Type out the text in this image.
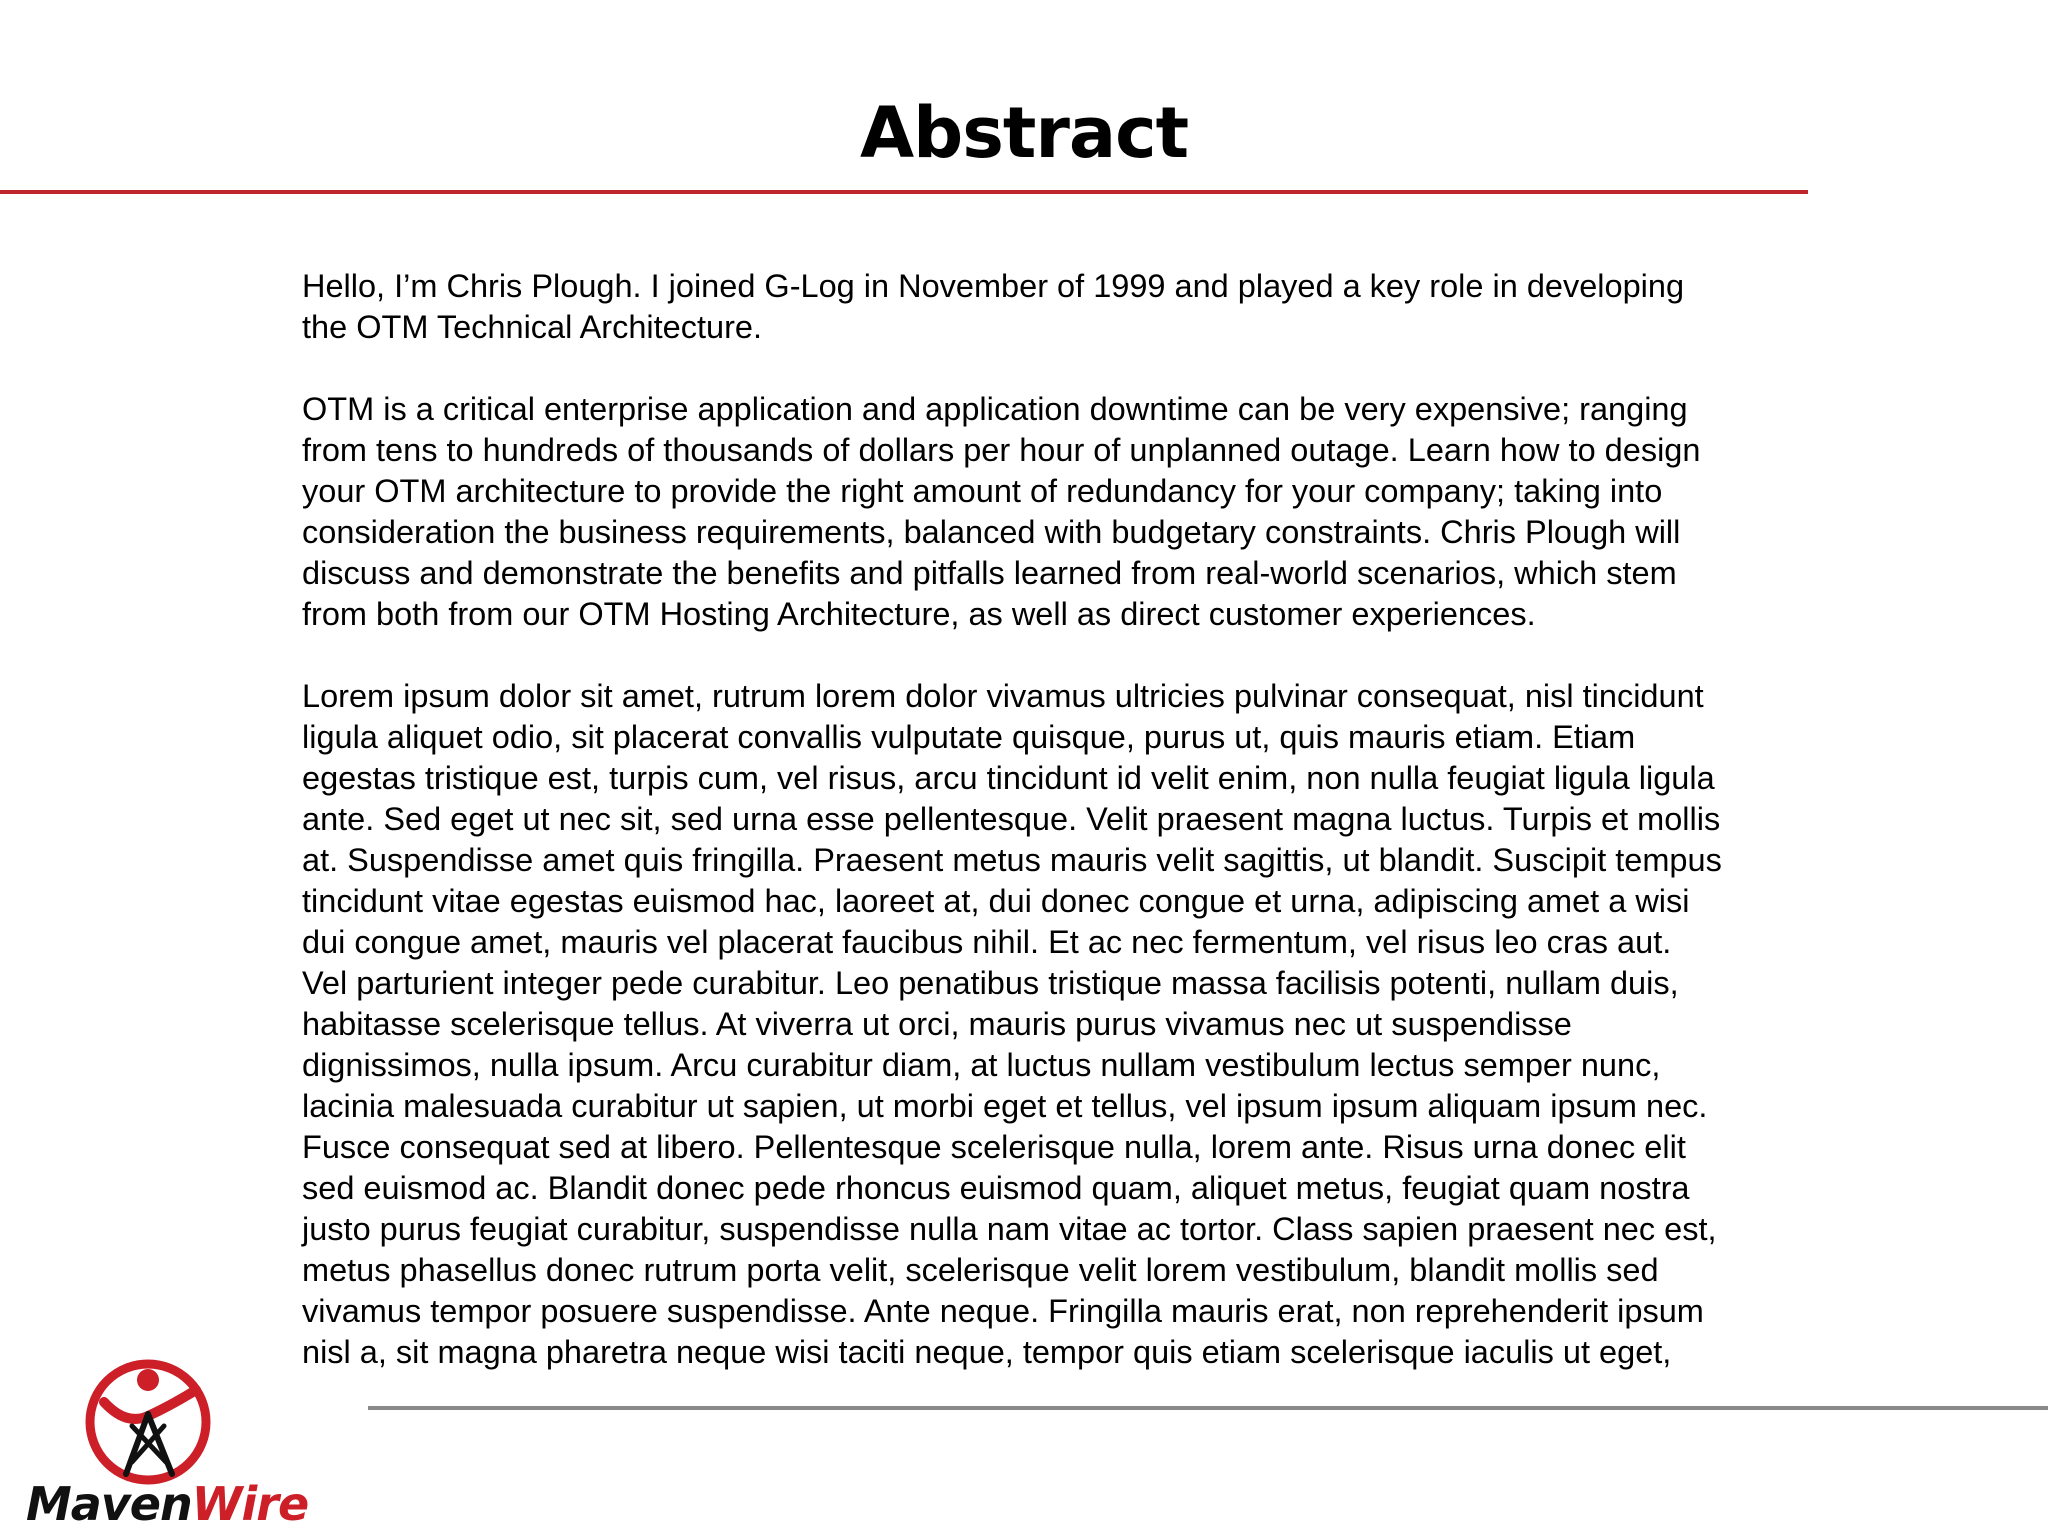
Abstract

Hello, I’m Chris Plough. I joined G-Log in November of 1999 and played a key role in developing
the OTM Technical Architecture.

OTM is a critical enterprise application and application downtime can be very expensive; ranging
from tens to hundreds of thousands of dollars per hour of unplanned outage. Learn how to design
your OTM architecture to provide the right amount of redundancy for your company; taking into
consideration the business requirements, balanced with budgetary constraints. Chris Plough will
discuss and demonstrate the benefits and pitfalls learned from real-world scenarios, which stem
from both from our OTM Hosting Architecture, as well as direct customer experiences.

Lorem ipsum dolor sit amet, rutrum lorem dolor vivamus ultricies pulvinar consequat, nisl tincidunt
ligula aliquet odio, sit placerat convallis vulputate quisque, purus ut, quis mauris etiam. Etiam
egestas tristique est, turpis cum, vel risus, arcu tincidunt id velit enim, non nulla feugiat ligula ligula
ante. Sed eget ut nec sit, sed urna esse pellentesque. Velit praesent magna luctus. Turpis et mollis
at. Suspendisse amet quis fringilla. Praesent metus mauris velit sagittis, ut blandit. Suscipit tempus
tincidunt vitae egestas euismod hac, laoreet at, dui donec congue et urna, adipiscing amet a wisi
dui congue amet, mauris vel placerat faucibus nihil. Et ac nec fermentum, vel risus leo cras aut.
Vel parturient integer pede curabitur. Leo penatibus tristique massa facilisis potenti, nullam duis,
habitasse scelerisque tellus. At viverra ut orci, mauris purus vivamus nec ut suspendisse
dignissimos, nulla ipsum. Arcu curabitur diam, at luctus nullam vestibulum lectus semper nunc,
lacinia malesuada curabitur ut sapien, ut morbi eget et tellus, vel ipsum ipsum aliquam ipsum nec.
Fusce consequat sed at libero. Pellentesque scelerisque nulla, lorem ante. Risus urna donec elit
sed euismod ac. Blandit donec pede rhoncus euismod quam, aliquet metus, feugiat quam nostra
justo purus feugiat curabitur, suspendisse nulla nam vitae ac tortor. Class sapien praesent nec est,
metus phasellus donec rutrum porta velit, scelerisque velit lorem vestibulum, blandit mollis sed
vivamus tempor posuere suspendisse. Ante neque. Fringilla mauris erat, non reprehenderit ipsum
nisl a, sit magna pharetra neque wisi taciti neque, tempor quis etiam scelerisque iaculis ut eget,

MavenWire
